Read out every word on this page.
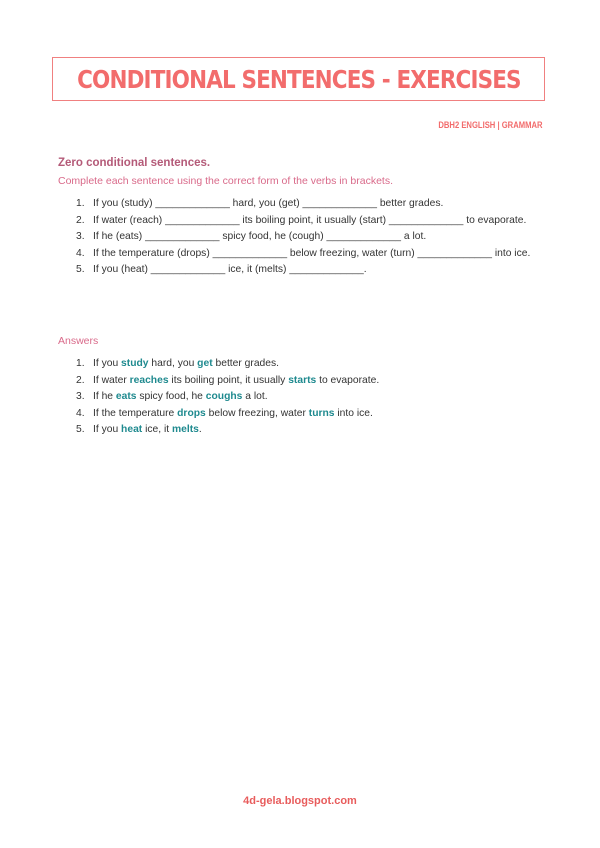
CONDITIONAL SENTENCES - EXERCISES
DBH2 ENGLISH | GRAMMAR
Zero conditional sentences.
Complete each sentence using the correct form of the verbs in brackets.
1. If you (study) _____________ hard, you (get) _____________ better grades.
2. If water (reach) _____________ its boiling point, it usually (start) _____________ to evaporate.
3. If he (eats) _____________ spicy food, he (cough) _____________ a lot.
4. If the temperature (drops) _____________ below freezing, water (turn) _____________ into ice.
5. If you (heat) _____________ ice, it (melts) _____________.
Answers
1. If you study hard, you get better grades.
2. If water reaches its boiling point, it usually starts to evaporate.
3. If he eats spicy food, he coughs a lot.
4. If the temperature drops below freezing, water turns into ice.
5. If you heat ice, it melts.
4d-gela.blogspot.com
